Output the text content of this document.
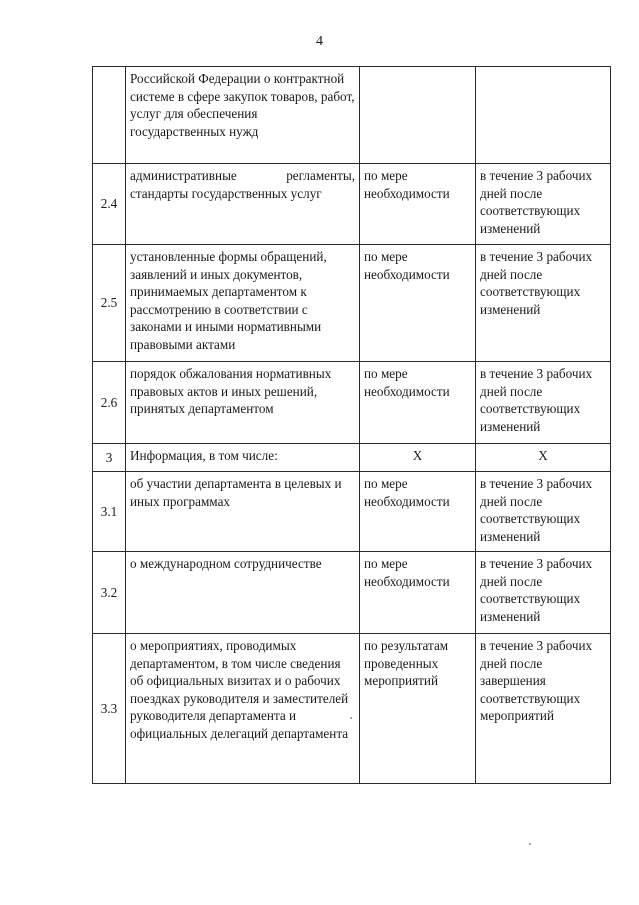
4
	Российской Федерации о контрактной системе в сфере закупок товаров, работ, услуг для обеспечения государственных нужд		
2.4	административные регламенты, стандарты государственных услуг	по мере необходимости	в течение 3 рабочих дней после соответствующих изменений
2.5	установленные формы обращений, заявлений и иных документов, принимаемых департаментом к рассмотрению в соответствии с законами и иными нормативными правовыми актами	по мере необходимости	в течение 3 рабочих дней после соответствующих изменений
2.6	порядок обжалования нормативных правовых актов и иных решений, принятых департаментом	по мере необходимости	в течение 3 рабочих дней после соответствующих изменений
3	Информация, в том числе:	Х	Х
3.1	об участии департамента в целевых и иных программах	по мере необходимости	в течение 3 рабочих дней после соответствующих изменений
3.2	о международном сотрудничестве	по мере необходимости	в течение 3 рабочих дней после соответствующих изменений
3.3	о мероприятиях, проводимых департаментом, в том числе сведения об официальных визитах и о рабочих поездках руководителя и заместителей руководителя департамента и официальных делегаций департамента	по результатам проведенных мероприятий	в течение 3 рабочих дней после завершения соответствующих мероприятий
